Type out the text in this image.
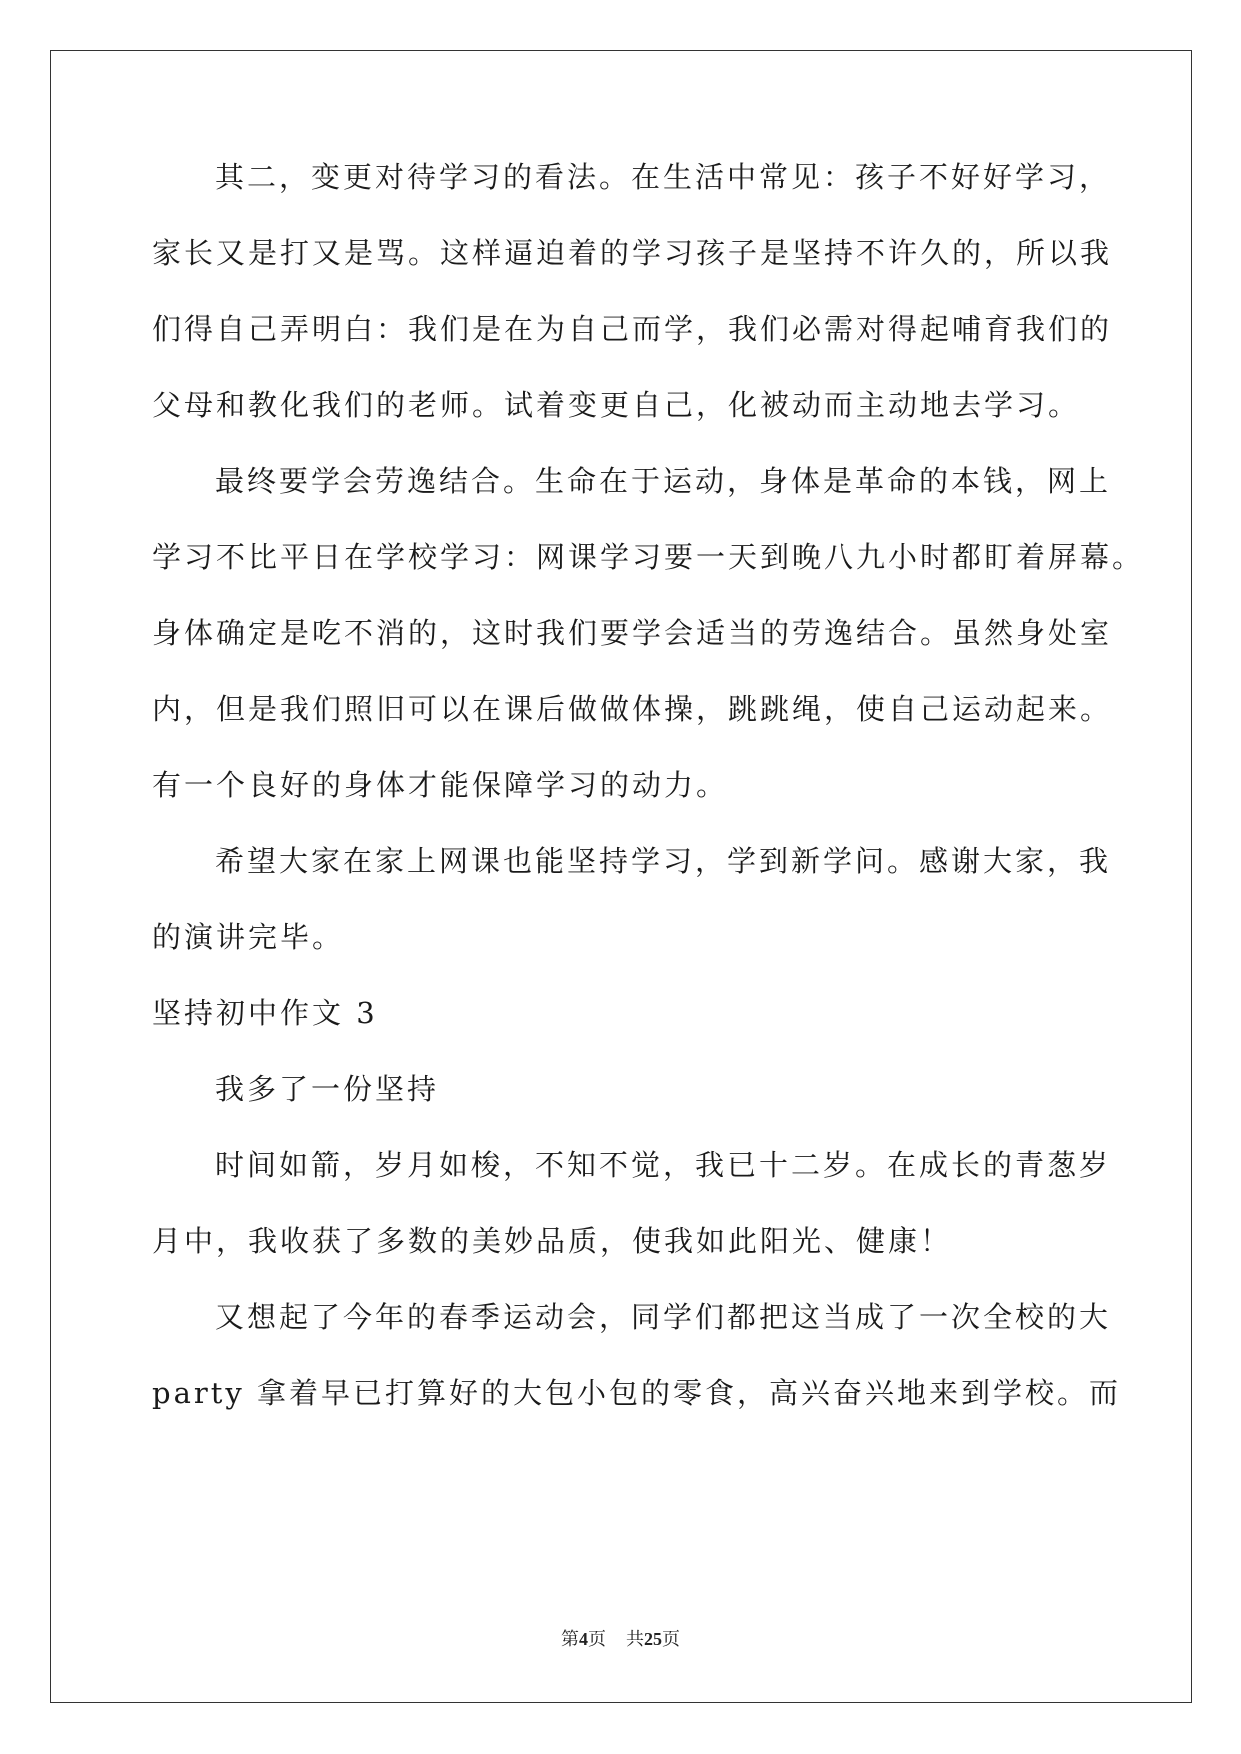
其二，变更对待学习的看法。在生活中常见：孩子不好好学习，

家长又是打又是骂。这样逼迫着的学习孩子是坚持不许久的，所以我

们得自己弄明白：我们是在为自己而学，我们必需对得起哺育我们的

父母和教化我们的老师。试着变更自己，化被动而主动地去学习。

最终要学会劳逸结合。生命在于运动，身体是革命的本钱，网上

学习不比平日在学校学习：网课学习要一天到晚八九小时都盯着屏幕。

身体确定是吃不消的，这时我们要学会适当的劳逸结合。虽然身处室

内，但是我们照旧可以在课后做做体操，跳跳绳，使自己运动起来。

有一个良好的身体才能保障学习的动力。

希望大家在家上网课也能坚持学习，学到新学问。感谢大家，我

的演讲完毕。

坚持初中作文 3

我多了一份坚持

时间如箭，岁月如梭，不知不觉，我已十二岁。在成长的青葱岁

月中，我收获了多数的美妙品质，使我如此阳光、健康！

又想起了今年的春季运动会，同学们都把这当成了一次全校的大

party 拿着早已打算好的大包小包的零食，高兴奋兴地来到学校。而

第4页 共25页
